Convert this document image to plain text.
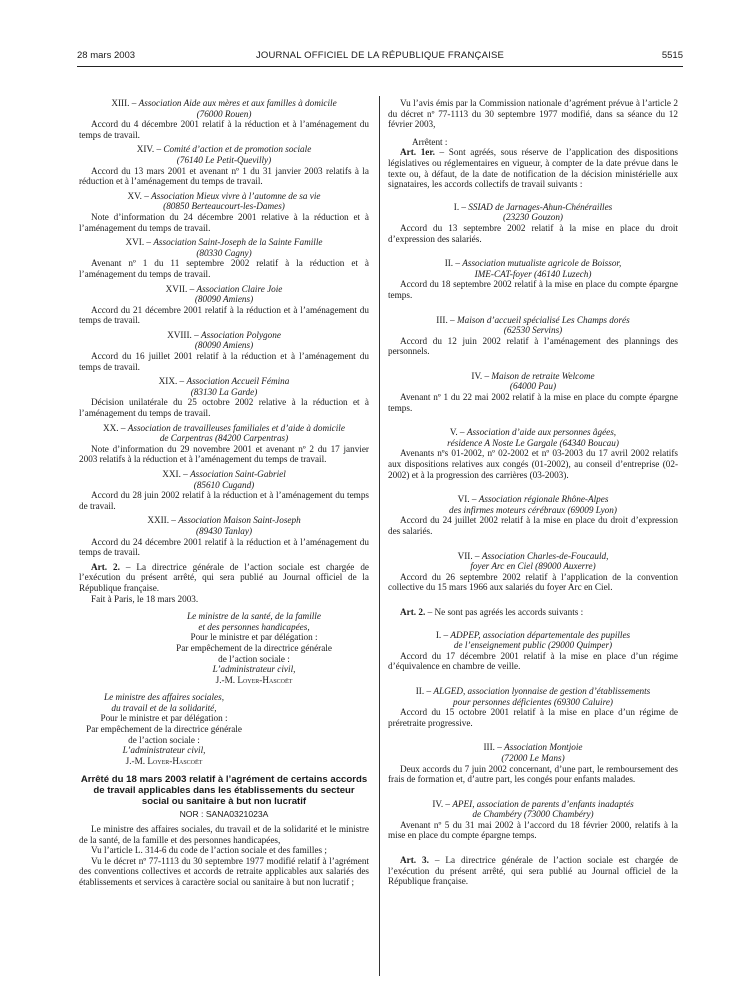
28 mars 2003	JOURNAL OFFICIEL DE LA RÉPUBLIQUE FRANÇAISE	5515

XIII. – Association Aide aux mères et aux familles à domicile

(76000 Rouen)

Accord du 4 décembre 2001 relatif à la réduction et à l’aménagement du temps de travail.

XIV. – Comité d’action et de promotion sociale

(76140 Le Petit-Quevilly)

Accord du 13 mars 2001 et avenant nº 1 du 31 janvier 2003 relatifs à la réduction et à l’aménagement du temps de travail.

XV. – Association Mieux vivre à l’automne de sa vie

(80850 Berteaucourt-les-Dames)

Note d’information du 24 décembre 2001 relative à la réduction et à l’aménagement du temps de travail.

XVI. – Association Saint-Joseph de la Sainte Famille

(80330 Cagny)

Avenant nº 1 du 11 septembre 2002 relatif à la réduction et à l’aménagement du temps de travail.

XVII. – Association Claire Joie

(80090 Amiens)

Accord du 21 décembre 2001 relatif à la réduction et à l’aménagement du temps de travail.

XVIII. – Association Polygone

(80090 Amiens)

Accord du 16 juillet 2001 relatif à la réduction et à l’aménagement du temps de travail.

XIX. – Association Accueil Fémina

(83130 La Garde)

Décision unilatérale du 25 octobre 2002 relative à la réduction et à l’aménagement du temps de travail.

XX. – Association de travailleuses familiales et d’aide à domicile

de Carpentras (84200 Carpentras)

Note d’information du 29 novembre 2001 et avenant nº 2 du 17 janvier 2003 relatifs à la réduction et à l’aménagement du temps de travail.

XXI. – Association Saint-Gabriel

(85610 Cugand)

Accord du 28 juin 2002 relatif à la réduction et à l’aménagement du temps de travail.

XXII. – Association Maison Saint-Joseph

(89430 Tanlay)

Accord du 24 décembre 2001 relatif à la réduction et à l’aménagement du temps de travail.

Art. 2. – La directrice générale de l’action sociale est chargée de l’exécution du présent arrêté, qui sera publié au Journal officiel de la République française.

Fait à Paris, le 18 mars 2003.

Le ministre de la santé, de la famille

et des personnes handicapées,

Pour le ministre et par délégation :

Par empêchement de la directrice générale

de l’action sociale :

L’administrateur civil,

J.-M. Loyer-Hascoët

Le ministre des affaires sociales,

du travail et de la solidarité,

Pour le ministre et par délégation :

Par empêchement de la directrice générale

de l’action sociale :

L’administrateur civil,

J.-M. Loyer-Hascoët

Arrêté du 18 mars 2003 relatif à l’agrément de certains accords de travail applicables dans les établissements du secteur social ou sanitaire à but non lucratif

NOR : SANA0321023A

Le ministre des affaires sociales, du travail et de la solidarité et le ministre de la santé, de la famille et des personnes handicapées,

Vu l’article L. 314-6 du code de l’action sociale et des familles ;

Vu le décret nº 77-1113 du 30 septembre 1977 modifié relatif à l’agrément des conventions collectives et accords de retraite applicables aux salariés des établissements et services à caractère social ou sanitaire à but non lucratif ;

Vu l’avis émis par la Commission nationale d’agrément prévue à l’article 2 du décret nº 77-1113 du 30 septembre 1977 modifié, dans sa séance du 12 février 2003,

Arrêtent :

Art. 1er. – Sont agréés, sous réserve de l’application des dispositions législatives ou réglementaires en vigueur, à compter de la date prévue dans le texte ou, à défaut, de la date de notification de la décision ministérielle aux signataires, les accords collectifs de travail suivants :

I. – SSIAD de Jarnages-Ahun-Chénérailles

(23230 Gouzon)

Accord du 13 septembre 2002 relatif à la mise en place du droit d’expression des salariés.

II. – Association mutualiste agricole de Boissor,

IME-CAT-foyer (46140 Luzech)

Accord du 18 septembre 2002 relatif à la mise en place du compte épargne temps.

III. – Maison d’accueil spécialisé Les Champs dorés

(62530 Servins)

Accord du 12 juin 2002 relatif à l’aménagement des plannings des personnels.

IV. – Maison de retraite Welcome

(64000 Pau)

Avenant nº 1 du 22 mai 2002 relatif à la mise en place du compte épargne temps.

V. – Association d’aide aux personnes âgées,

résidence A Noste Le Gargale (64340 Boucau)

Avenants nºs 01-2002, nº 02-2002 et nº 03-2003 du 17 avril 2002 relatifs aux dispositions relatives aux congés (01-2002), au conseil d’entreprise (02-2002) et à la progression des carrières (03-2003).

VI. – Association régionale Rhône-Alpes

des infirmes moteurs cérébraux (69009 Lyon)

Accord du 24 juillet 2002 relatif à la mise en place du droit d’expression des salariés.

VII. – Association Charles-de-Foucauld,

foyer Arc en Ciel (89000 Auxerre)

Accord du 26 septembre 2002 relatif à l’application de la convention collective du 15 mars 1966 aux salariés du foyer Arc en Ciel.

Art. 2. – Ne sont pas agréés les accords suivants :

I. – ADPEP, association départementale des pupilles

de l’enseignement public (29000 Quimper)

Accord du 17 décembre 2001 relatif à la mise en place d’un régime d’équivalence en chambre de veille.

II. – ALGED, association lyonnaise de gestion d’établissements

pour personnes déficientes (69300 Caluire)

Accord du 15 octobre 2001 relatif à la mise en place d’un régime de préretraite progressive.

III. – Association Montjoie

(72000 Le Mans)

Deux accords du 7 juin 2002 concernant, d’une part, le remboursement des frais de formation et, d’autre part, les congés pour enfants malades.

IV. – APEI, association de parents d’enfants inadaptés

de Chambéry (73000 Chambéry)

Avenant nº 5 du 31 mai 2002 à l’accord du 18 février 2000, relatifs à la mise en place du compte épargne temps.

Art. 3. – La directrice générale de l’action sociale est chargée de l’exécution du présent arrêté, qui sera publié au Journal officiel de la République française.
